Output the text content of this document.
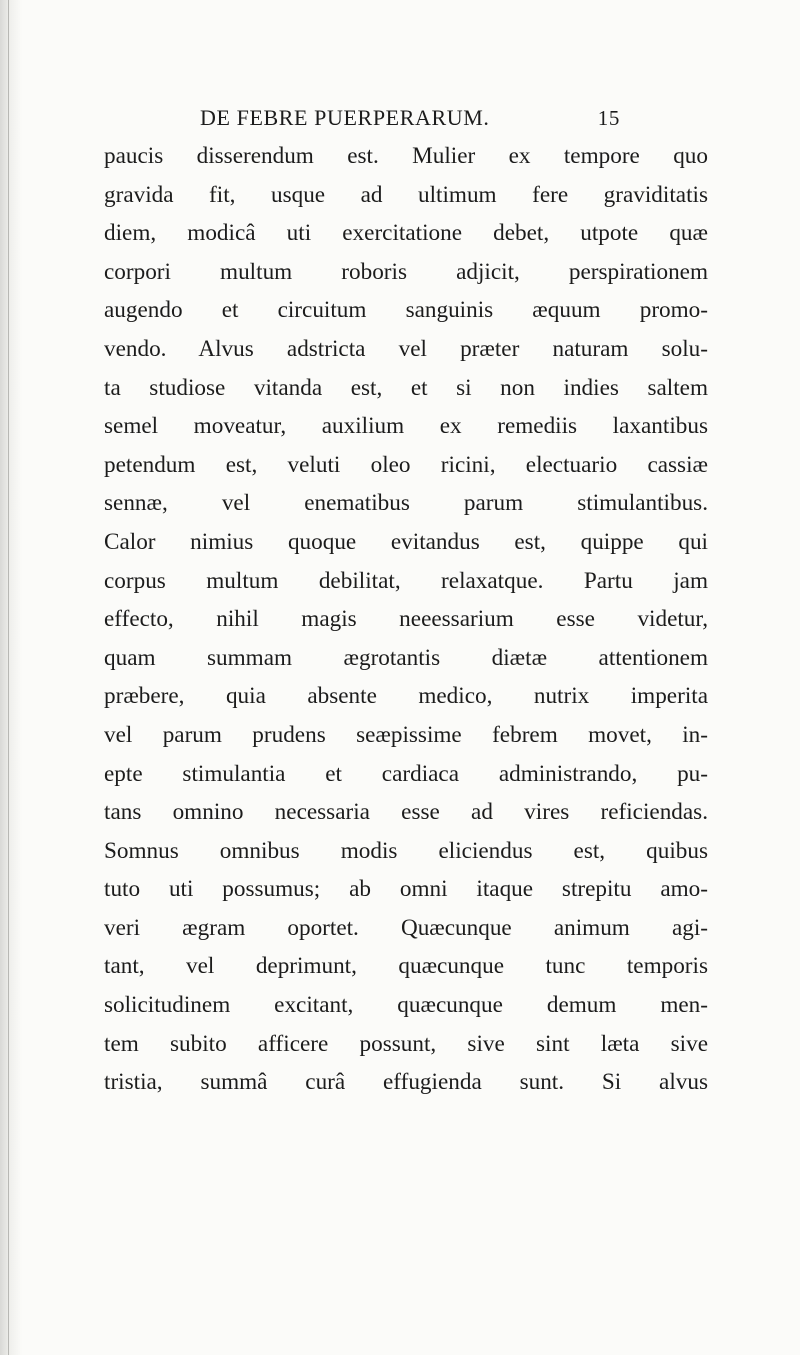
DE FEBRE PUERPERARUM.	15
paucis disserendum est. Mulier ex tempore quo
gravida fit, usque ad ultimum fere graviditatis
diem, modicâ uti exercitatione debet, utpote quæ
corpori multum roboris adjicit, perspirationem
augendo et circuitum sanguinis æquum promo-
vendo. Alvus adstricta vel præter naturam solu-
ta studiose vitanda est, et si non indies saltem
semel moveatur, auxilium ex remediis laxantibus
petendum est, veluti oleo ricini, electuario cassiæ
sennæ, vel enematibus parum stimulantibus.
Calor nimius quoque evitandus est, quippe qui
corpus multum debilitat, relaxatque. Partu jam
effecto, nihil magis neeessarium esse videtur,
quam summam ægrotantis diætæ attentionem
præbere, quia absente medico, nutrix imperita
vel parum prudens seæpissime febrem movet, in-
epte stimulantia et cardiaca administrando, pu-
tans omnino necessaria esse ad vires reficiendas.
Somnus omnibus modis eliciendus est, quibus
tuto uti possumus; ab omni itaque strepitu amo-
veri ægram oportet. Quæcunque animum agi-
tant, vel deprimunt, quæcunque tunc temporis
solicitudinem excitant, quæcunque demum men-
tem subito afficere possunt, sive sint læta sive
tristia, summâ curâ effugienda sunt. Si alvus
